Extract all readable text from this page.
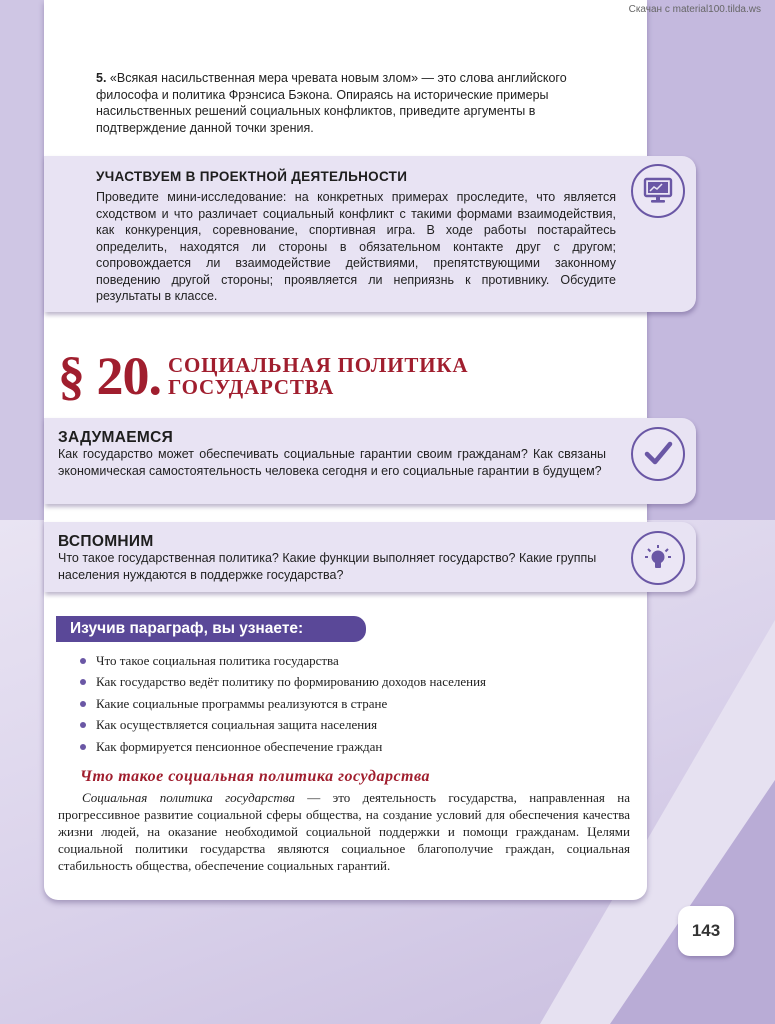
Скачан с material100.tilda.ws
5. «Всякая насильственная мера чревата новым злом» — это слова английского философа и политика Фрэнсиса Бэкона. Опираясь на исторические примеры насильственных решений социальных конфликтов, приведите аргументы в подтверждение данной точки зрения.
УЧАСТВУЕМ В ПРОЕКТНОЙ ДЕЯТЕЛЬНОСТИ
Проведите мини-исследование: на конкретных примерах проследите, что является сходством и что различает социальный конфликт с такими формами взаимодействия, как конкуренция, соревнование, спортивная игра. В ходе работы постарайтесь определить, находятся ли стороны в обязательном контакте друг с другом; сопровождается ли взаимодействие действиями, препятствующими законному поведению другой стороны; проявляется ли неприязнь к противнику. Обсудите результаты в классе.
§ 20. СОЦИАЛЬНАЯ ПОЛИТИКА
ГОСУДАРСТВА
ЗАДУМАЕМСЯ
Как государство может обеспечивать социальные гарантии своим гражданам? Как связаны экономическая самостоятельность человека сегодня и его социальные гарантии в будущем?
ВСПОМНИМ
Что такое государственная политика? Какие функции выполняет государство? Какие группы населения нуждаются в поддержке государства?
Изучив параграф, вы узнаете:
Что такое социальная политика государства
Как государство ведёт политику по формированию доходов населения
Какие социальные программы реализуются в стране
Как осуществляется социальная защита населения
Как формируется пенсионное обеспечение граждан
Что такое социальная политика государства
Социальная политика государства — это деятельность государства, направленная на прогрессивное развитие социальной сферы общества, на создание условий для обеспечения качества жизни людей, на оказание необходимой социальной поддержки и помощи гражданам. Целями социальной политики государства являются социальное благополучие граждан, социальная стабильность общества, обеспечение социальных гарантий.
143
